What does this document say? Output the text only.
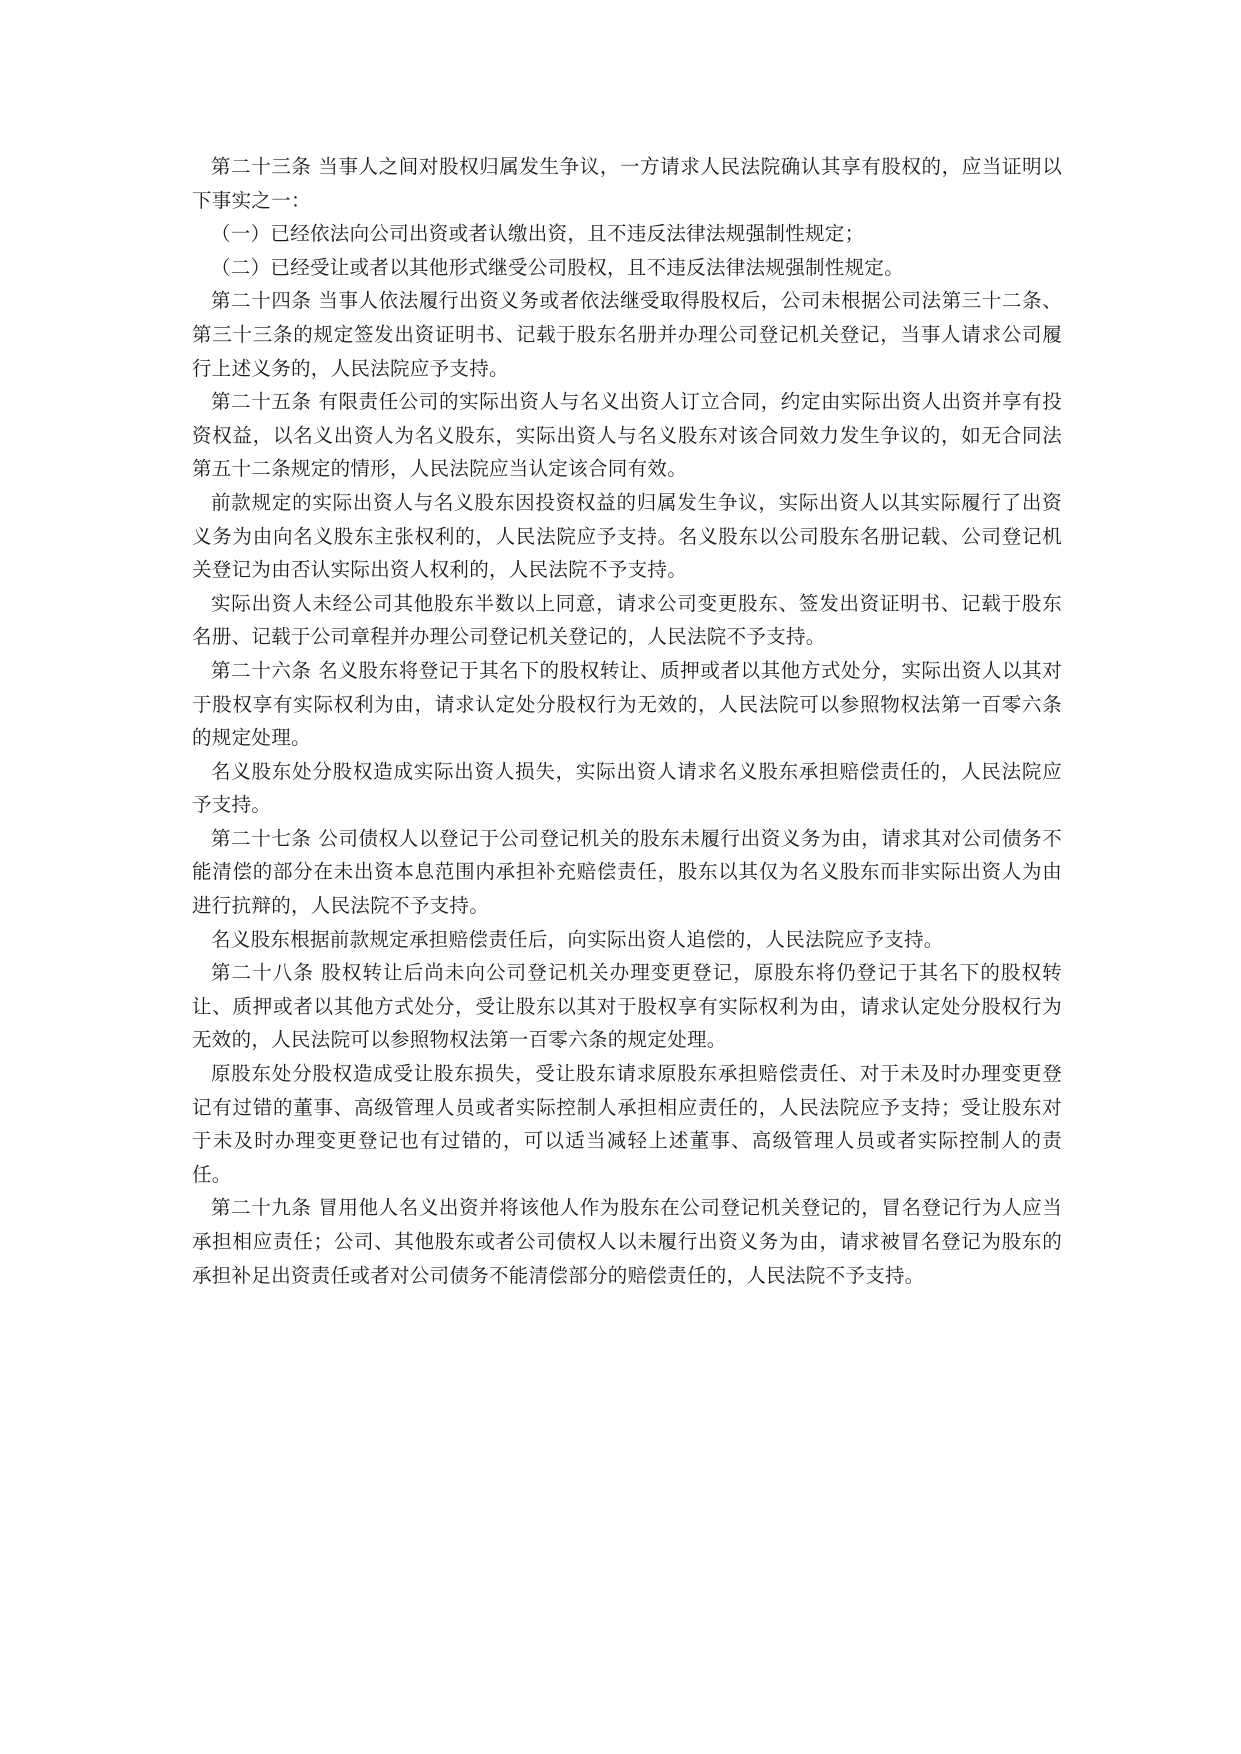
第二十三条 当事人之间对股权归属发生争议，一方请求人民法院确认其享有股权的，应当证明以下事实之一：

（一）已经依法向公司出资或者认缴出资，且不违反法律法规强制性规定；

（二）已经受让或者以其他形式继受公司股权，且不违反法律法规强制性规定。

第二十四条 当事人依法履行出资义务或者依法继受取得股权后，公司未根据公司法第三十二条、第三十三条的规定签发出资证明书、记载于股东名册并办理公司登记机关登记，当事人请求公司履行上述义务的，人民法院应予支持。

第二十五条 有限责任公司的实际出资人与名义出资人订立合同，约定由实际出资人出资并享有投资权益，以名义出资人为名义股东，实际出资人与名义股东对该合同效力发生争议的，如无合同法第五十二条规定的情形，人民法院应当认定该合同有效。

前款规定的实际出资人与名义股东因投资权益的归属发生争议，实际出资人以其实际履行了出资义务为由向名义股东主张权利的，人民法院应予支持。名义股东以公司股东名册记载、公司登记机关登记为由否认实际出资人权利的，人民法院不予支持。

实际出资人未经公司其他股东半数以上同意，请求公司变更股东、签发出资证明书、记载于股东名册、记载于公司章程并办理公司登记机关登记的，人民法院不予支持。

第二十六条 名义股东将登记于其名下的股权转让、质押或者以其他方式处分，实际出资人以其对于股权享有实际权利为由，请求认定处分股权行为无效的，人民法院可以参照物权法第一百零六条的规定处理。

名义股东处分股权造成实际出资人损失，实际出资人请求名义股东承担赔偿责任的，人民法院应予支持。

第二十七条 公司债权人以登记于公司登记机关的股东未履行出资义务为由，请求其对公司债务不能清偿的部分在未出资本息范围内承担补充赔偿责任，股东以其仅为名义股东而非实际出资人为由进行抗辩的，人民法院不予支持。

名义股东根据前款规定承担赔偿责任后，向实际出资人追偿的，人民法院应予支持。

第二十八条 股权转让后尚未向公司登记机关办理变更登记，原股东将仍登记于其名下的股权转让、质押或者以其他方式处分，受让股东以其对于股权享有实际权利为由，请求认定处分股权行为无效的，人民法院可以参照物权法第一百零六条的规定处理。

原股东处分股权造成受让股东损失，受让股东请求原股东承担赔偿责任、对于未及时办理变更登记有过错的董事、高级管理人员或者实际控制人承担相应责任的，人民法院应予支持；受让股东对于未及时办理变更登记也有过错的，可以适当减轻上述董事、高级管理人员或者实际控制人的责任。

第二十九条 冒用他人名义出资并将该他人作为股东在公司登记机关登记的，冒名登记行为人应当承担相应责任；公司、其他股东或者公司债权人以未履行出资义务为由，请求被冒名登记为股东的承担补足出资责任或者对公司债务不能清偿部分的赔偿责任的，人民法院不予支持。
